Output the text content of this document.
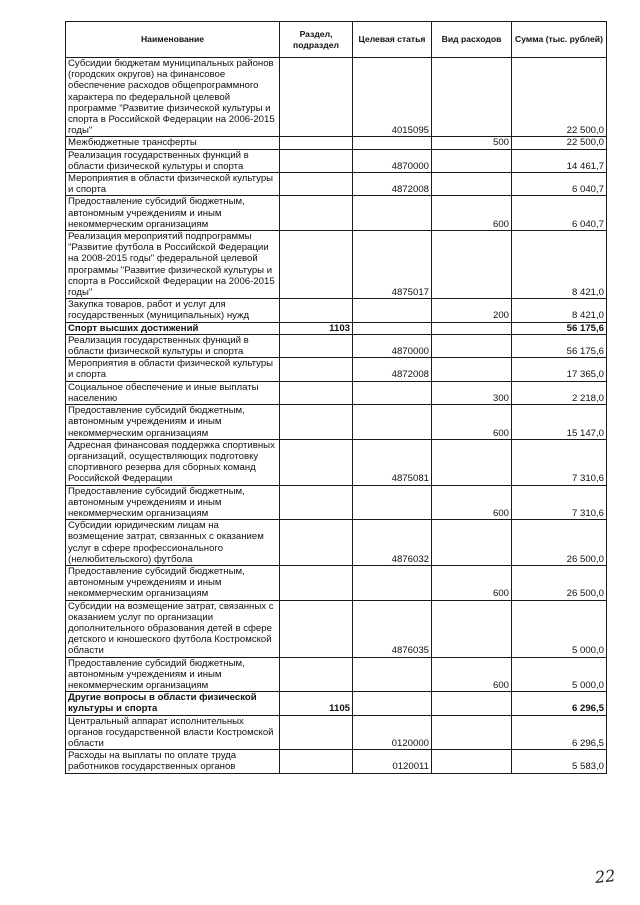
Наименование	Раздел, подраздел	Целевая статья	Вид расходов	Сумма (тыс. рублей)
Субсидии бюджетам муниципальных районов (городских округов) на финансовое обеспечение расходов общепрограммного характера по федеральной целевой программе "Развитие физической культуры и спорта в Российской Федерации на 2006-2015 годы"		4015095		22 500,0
Межбюджетные трансферты			500	22 500,0
Реализация государственных функций в области физической культуры и спорта		4870000		14 461,7
Мероприятия в области физической культуры и спорта		4872008		6 040,7
Предоставление субсидий бюджетным, автономным учреждениям и иным некоммерческим организациям			600	6 040,7
Реализация мероприятий подпрограммы "Развитие футбола в Российской Федерации на 2008-2015 годы" федеральной целевой программы "Развитие физической культуры и спорта в Российской Федерации на 2006-2015 годы"		4875017		8 421,0
Закупка товаров, работ и услуг для государственных (муниципальных) нужд			200	8 421,0
Спорт высших достижений	1103			56 175,6
Реализация государственных функций в области физической культуры и спорта		4870000		56 175,6
Мероприятия в области физической культуры и спорта		4872008		17 365,0
Социальное обеспечение и иные выплаты населению			300	2 218,0
Предоставление субсидий бюджетным, автономным учреждениям и иным некоммерческим организациям			600	15 147,0
Адресная финансовая поддержка спортивных организаций, осуществляющих подготовку спортивного резерва для сборных команд Российской Федерации		4875081		7 310,6
Предоставление субсидий бюджетным, автономным учреждениям и иным некоммерческим организациям			600	7 310,6
Субсидии юридическим лицам на возмещение затрат, связанных с оказанием услуг в сфере профессионального (нелюбительского) футбола		4876032		26 500,0
Предоставление субсидий бюджетным, автономным учреждениям и иным некоммерческим организациям			600	26 500,0
Субсидии на возмещение затрат, связанных с оказанием услуг по организации дополнительного образования детей в сфере детского и юношеского футбола Костромской области		4876035		5 000,0
Предоставление субсидий бюджетным, автономным учреждениям и иным некоммерческим организациям			600	5 000,0
Другие вопросы в области физической культуры и спорта	1105			6 296,5
Центральный аппарат исполнительных органов государственной власти Костромской области		0120000		6 296,5
Расходы на выплаты по оплате труда работников государственных органов		0120011		5 583,0
22
